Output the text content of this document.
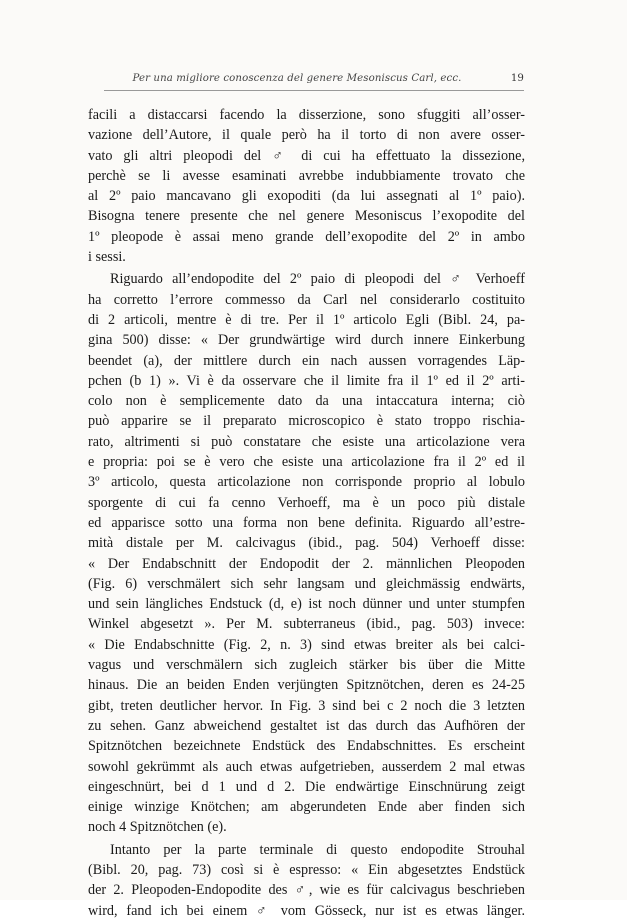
Per una migliore conoscenza del genere Mesoniscus Carl, ecc.	19
facili a distaccarsi facendo la disserzione, sono sfuggiti all’osser-
vazione dell’Autore, il quale però ha il torto di non avere osser-
vato gli altri pleopodi del ♂ di cui ha effettuato la dissezione,
perchè se li avesse esaminati avrebbe indubbiamente trovato che
al 2º paio mancavano gli exopoditi (da lui assegnati al 1º paio).
Bisogna tenere presente che nel genere Mesoniscus l’exopodite del
1º pleopode è assai meno grande dell’exopodite del 2º in ambo
i sessi.
Riguardo all’endopodite del 2º paio di pleopodi del ♂ Verhoeff
ha corretto l’errore commesso da Carl nel considerarlo costituito
di 2 articoli, mentre è di tre. Per il 1º articolo Egli (Bibl. 24, pa-
gina 500) disse: « Der grundwärtige wird durch innere Einkerbung
beendet (a), der mittlere durch ein nach aussen vorragendes Läp-
pchen (b 1) ». Vi è da osservare che il limite fra il 1º ed il 2º arti-
colo non è semplicemente dato da una intaccatura interna; ciò
può apparire se il preparato microscopico è stato troppo rischia-
rato, altrimenti si può constatare che esiste una articolazione vera
e propria: poi se è vero che esiste una articolazione fra il 2º ed il
3º articolo, questa articolazione non corrisponde proprio al lobulo
sporgente di cui fa cenno Verhoeff, ma è un poco più distale
ed apparisce sotto una forma non bene definita. Riguardo all’estre-
mità distale per M. calcivagus (ibid., pag. 504) Verhoeff disse:
« Der Endabschnitt der Endopodit der 2. männlichen Pleopoden
(Fig. 6) verschmälert sich sehr langsam und gleichmässig endwärts,
und sein längliches Endstuck (d, e) ist noch dünner und unter stumpfen
Winkel abgesetzt ». Per M. subterraneus (ibid., pag. 503) invece:
« Die Endabschnitte (Fig. 2, n. 3) sind etwas breiter als bei calci-
vagus und verschmälern sich zugleich stärker bis über die Mitte
hinaus. Die an beiden Enden verjüngten Spitznötchen, deren es 24-25
gibt, treten deutlicher hervor. In Fig. 3 sind bei c 2 noch die 3 letzten
zu sehen. Ganz abweichend gestaltet ist das durch das Aufhören der
Spitznötchen bezeichnete Endstück des Endabschnittes. Es erscheint
sowohl gekrümmt als auch etwas aufgetrieben, ausserdem 2 mal etwas
eingeschnürt, bei d 1 und d 2. Die endwärtige Einschnürung zeigt
einige winzige Knötchen; am abgerundeten Ende aber finden sich
noch 4 Spitznötchen (e).
Intanto per la parte terminale di questo endopodite Strouhal
(Bibl. 20, pag. 73) così si è espresso: « Ein abgesetztes Endstück
der 2. Pleopoden-Endopodite des ♂, wie es für calcivagus beschrieben
wird, fand ich bei einem ♂ vom Gösseck, nur ist es etwas länger.
